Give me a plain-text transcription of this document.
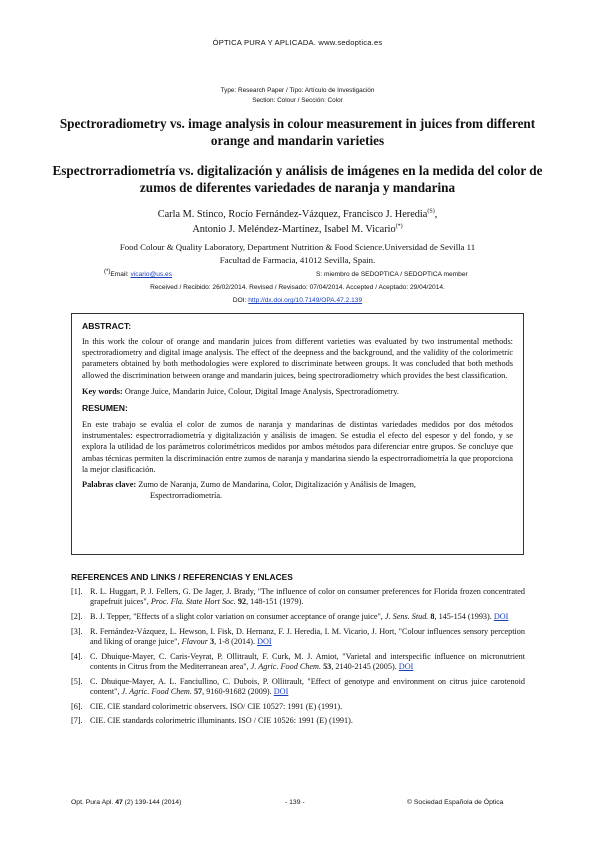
ÓPTICA PURA Y APLICADA. www.sedoptica.es
Type: Research Paper / Tipo: Artículo de Investigación
Section: Colour / Sección: Color
Spectroradiometry vs. image analysis in colour measurement in juices from different orange and mandarin varieties
Espectrorradiometría vs. digitalización y análisis de imágenes en la medida del color de zumos de diferentes variedades de naranja y mandarina
Carla M. Stinco, Rocío Fernández-Vázquez, Francisco J. Heredia$^{(S)}$,
Antonio J. Meléndez-Martínez, Isabel M. Vicario(*)
Food Colour & Quality Laboratory, Department Nutrition & Food Science.Universidad de Sevilla 11
Facultad de Farmacia, 41012 Sevilla, Spain.
(*)Email: vicario@us.es	S: miembro de SEDOPTICA / SEDOPTICA member
Received / Recibido: 26/02/2014. Revised / Revisado: 07/04/2014. Accepted / Aceptado: 29/04/2014.
DOI: http://dx.doi.org/10.7149/OPA.47.2.139
ABSTRACT:
In this work the colour of orange and mandarin juices from different varieties was evaluated by two instrumental methods: spectroradiometry and digital image analysis. The effect of the deepness and the background, and the validity of the colorimetric parameters obtained by both methodologies were explored to discriminate between groups. It was concluded that both methods allowed the discrimination between orange and mandarin juices, being spectroradiometry which provides the best classification.
Key words: Orange Juice, Mandarin Juice, Colour, Digital Image Analysis, Spectroradiometry.
RESUMEN:
En este trabajo se evalúa el color de zumos de naranja y mandarinas de distintas variedades medidos por dos métodos instrumentales: espectrorradiometría y digitalización y análisis de imagen. Se estudia el efecto del espesor y del fondo, y se explora la utilidad de los parámetros colorimétricos medidos por ambos métodos para diferenciar entre grupos. Se concluye que ambas técnicas permiten la discriminación entre zumos de naranja y mandarina siendo la espectrorradiometría la que proporciona la mejor clasificación.
Palabras clave: Zumo de Naranja, Zumo de Mandarina, Color, Digitalización y Análisis de Imagen,
Espectrorradiometría.
REFERENCES AND LINKS / REFERENCIAS Y ENLACES
[1]. R. L. Huggart, P. J. Fellers, G. De Jager, J. Brady, "The influence of color on consumer preferences for Florida frozen concentrated grapefruit juices", Proc. Fla. State Hort Soc. 92, 148-151 (1979).
[2]. B. J. Tepper, "Effects of a slight color variation on consumer acceptance of orange juice", J. Sens. Stud. 8, 145-154 (1993). DOI
[3]. R. Fernández-Vázquez, L. Hewson, I. Fisk, D. Hernanz, F. J. Heredia, I. M. Vicario, J. Hort, "Colour influences sensory perception and liking of orange juice", Flavour 3, 1-8 (2014). DOI
[4]. C. Dhuique-Mayer, C. Caris-Veyrat, P. Ollitrault, F. Curk, M. J. Amiot, "Varietal and interspecific influence on micronutrient contents in Citrus from the Mediterranean area", J. Agric. Food Chem. 53, 2140-2145 (2005). DOI
[5]. C. Dhuique-Mayer, A. L. Fanciullino, C. Dubois, P. Ollitrault, "Effect of genotype and environment on citrus juice carotenoid content", J. Agric. Food Chem. 57, 9160-91682 (2009). DOI
[6]. CIE. CIE standard colorimetric observers. ISO/ CIE 10527: 1991 (E) (1991).
[7]. CIE. CIE standards colorimetric illuminants. ISO / CIE 10526: 1991 (E) (1991).
Opt. Pura Apl. 47 (2) 139-144 (2014)	- 139 -	© Sociedad Española de Óptica
